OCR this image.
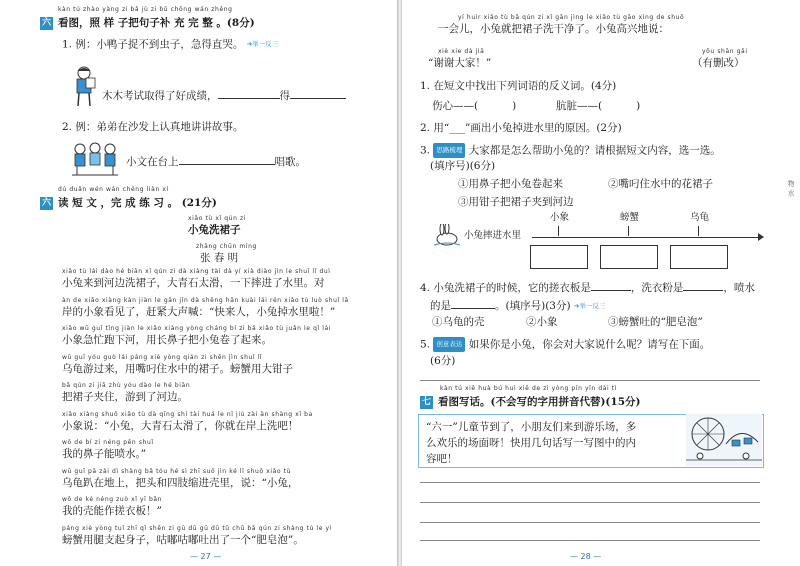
kàn tú zhào yàng zi bǎ jù zi bǔ chōng wán zhěng
六 看图，照 样 子把句子补 充 完 整 。(8分)
1. 例：小鸭子捉不到虫子，急得直哭。 ➔举一反三
木木考试取得了好成绩，	得
2. 例：弟弟在沙发上认真地讲讲故事。
小文在台上	唱歌。
dú duǎn wén wán chéng liàn xí
六 读 短 文 ，完 成 练 习 。 (21分)
xiǎo tù xǐ qún zi
小兔洗裙子
zhāng chūn míng
张 春 明
xiǎo tù lái dào hé biān xǐ qún zi dà xiàng tài dà yí xià diào jìn le shuǐ lǐ duì
小兔来到河边洗裙子，大青石太滑，一下摔进了水里。对
àn de xiǎo xiàng kàn jiàn le gǎn jǐn dà shēng hǎn kuài lái rén xiǎo tù luò shuǐ lā
岸的小象看见了，赶紧大声喊：“快来人，小兔掉水里啦！”
xiǎo wū guī tīng jiàn le xiǎo xiàng yòng cháng bí zi bǎ xiǎo tù juǎn le qǐ lái
小象急忙跑下河，用长鼻子把小兔卷了起来。
wū guī yóu guò lái páng xiè yòng qián zi shēn jìn shuǐ lǐ
乌龟游过来，用嘴叼住水中的裙子。螃蟹用大钳子
bǎ qún zi jiā zhù yóu dào le hé biān
把裙子夹住，游到了河边。
xiǎo xiàng shuō xiǎo tù dà qīng shí tài huá le nǐ jiù zài àn shàng xǐ ba
小象说：“小兔，大青石太滑了，你就在岸上洗吧！
wǒ de bí zi néng pēn shuǐ
我的鼻子能喷水。”
wū guī pā zài dì shàng bǎ tóu hé sì zhī suō jìn ké lǐ shuō xiǎo tù
乌龟趴在地上，把头和四肢缩进壳里，说：“小兔，
wǒ de ké néng zuò xǐ yī bǎn
我的壳能作搓衣板！”
páng xiè yòng tuǐ zhī qǐ shēn zi gū dū gū dū tǔ chū bǎ qún zi shàng tú le yì
螃蟹用腿支起身子，咕嘟咕嘟吐出了一个“肥皂泡”。
— 27 —
yí huìr xiǎo tù bǎ qún zi xǐ gān jìng le xiǎo tù gāo xìng de shuō
一会儿，小兔就把裙子洗干净了。小兔高兴地说：
xiè xie dà jiā	yǒu shān gǎi
“谢谢大家！”	（有删改）
1. 在短文中找出下列词语的反义词。(4分)
伤心——(	)	肮脏——(	)
2. 用“___”画出小兔掉进水里的原因。(2分)
3. 思路梳理 大家都是怎么帮助小兔的？请根据短文内容，选一选。
(填序号)(6分)
①用鼻子把小兔卷起来	②嘴叼住水中的花裙子
③用钳子把裙子夹到河边
小象	螃蟹	乌龟
小兔摔进水里
4. 小兔洗裙子的时候，它的搓衣板是	，洗衣粉是	，喷水
的是	。(填序号)(3分) ➔举一反三
①乌龟的壳	②小象	③螃蟹吐的“肥皂泡”
5. 创意表达 如果你是小兔，你会对大家说什么呢？请写在下面。
(6分)
kàn tú xiě huà bú huì xiě de zì yòng pīn yīn dài tì
七 看图写话。(不会写的字用拼音代替)(15分)
“六一”儿童节到了，小朋友们来到游乐场，多
么欢乐的场面呀！快用几句话写一写图中的内
容吧！
物 水
— 28 —
